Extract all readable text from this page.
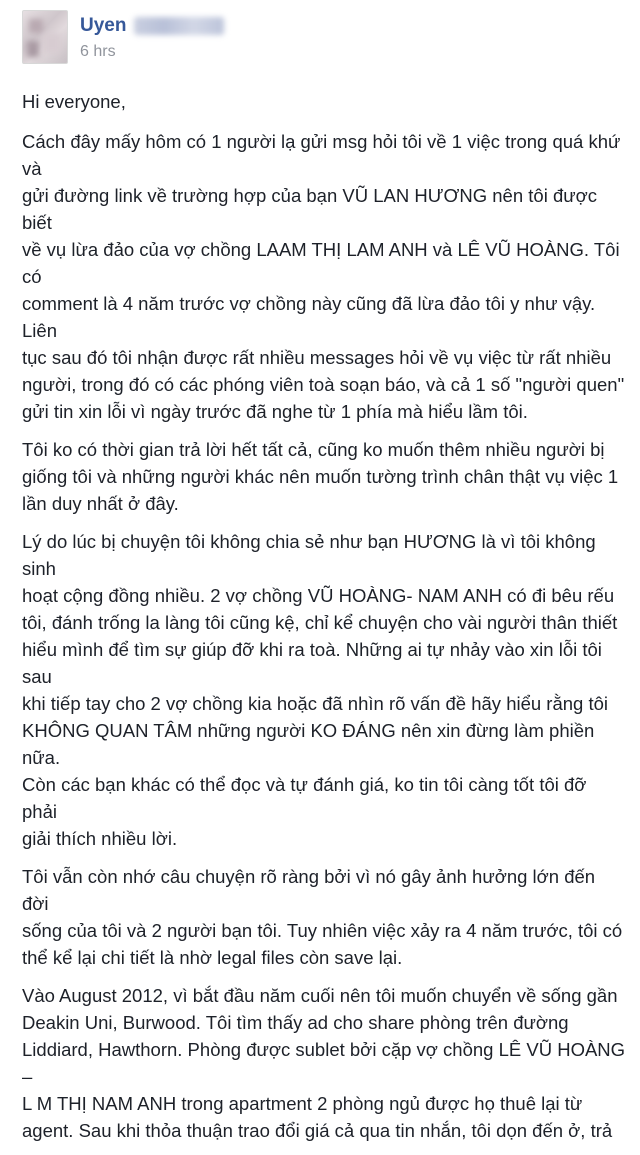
Uyen
6 hrs

Hi everyone,

Cách đây mấy hôm có 1 người lạ gửi msg hỏi tôi về 1 việc trong quá khứ và
gửi đường link về trường hợp của bạn VŨ LAN HƯƠNG nên tôi được biết
về vụ lừa đảo của vợ chồng LAAM THỊ LAM ANH và LÊ VŨ HOÀNG. Tôi có
comment là 4 năm trước vợ chồng này cũng đã lừa đảo tôi y như vậy. Liên
tục sau đó tôi nhận được rất nhiều messages hỏi về vụ việc từ rất nhiều
người, trong đó có các phóng viên toà soạn báo, và cả 1 số "người quen"
gửi tin xin lỗi vì ngày trước đã nghe từ 1 phía mà hiểu lầm tôi.

Tôi ko có thời gian trả lời hết tất cả, cũng ko muốn thêm nhiều người bị
giống tôi và những người khác nên muốn tường trình chân thật vụ việc 1
lần duy nhất ở đây.

Lý do lúc bị chuyện tôi không chia sẻ như bạn HƯƠNG là vì tôi không sinh
hoạt cộng đồng nhiều. 2 vợ chồng VŨ HOÀNG- NAM ANH có đi bêu rếu
tôi, đánh trống la làng tôi cũng kệ, chỉ kể chuyện cho vài người thân thiết
hiểu mình để tìm sự giúp đỡ khi ra toà. Những ai tự nhảy vào xin lỗi tôi sau
khi tiếp tay cho 2 vợ chồng kia hoặc đã nhìn rõ vấn đề hãy hiểu rằng tôi
KHÔNG QUAN TÂM những người KO ĐÁNG nên xin đừng làm phiền nữa.
Còn các bạn khác có thể đọc và tự đánh giá, ko tin tôi càng tốt tôi đỡ phải
giải thích nhiều lời.

Tôi vẫn còn nhớ câu chuyện rõ ràng bởi vì nó gây ảnh hưởng lớn đến đời
sống của tôi và 2 người bạn tôi. Tuy nhiên việc xảy ra 4 năm trước, tôi có
thể kể lại chi tiết là nhờ legal files còn save lại.

Vào August 2012, vì bắt đầu năm cuối nên tôi muốn chuyển về sống gần
Deakin Uni, Burwood. Tôi tìm thấy ad cho share phòng trên đường
Liddiard, Hawthorn. Phòng được sublet bởi cặp vợ chồng LÊ VŨ HOÀNG –
L M THỊ NAM ANH trong apartment 2 phòng ngủ được họ thuê lại từ
agent. Sau khi thỏa thuận trao đổi giá cả qua tin nhắn, tôi dọn đến ở, trả
